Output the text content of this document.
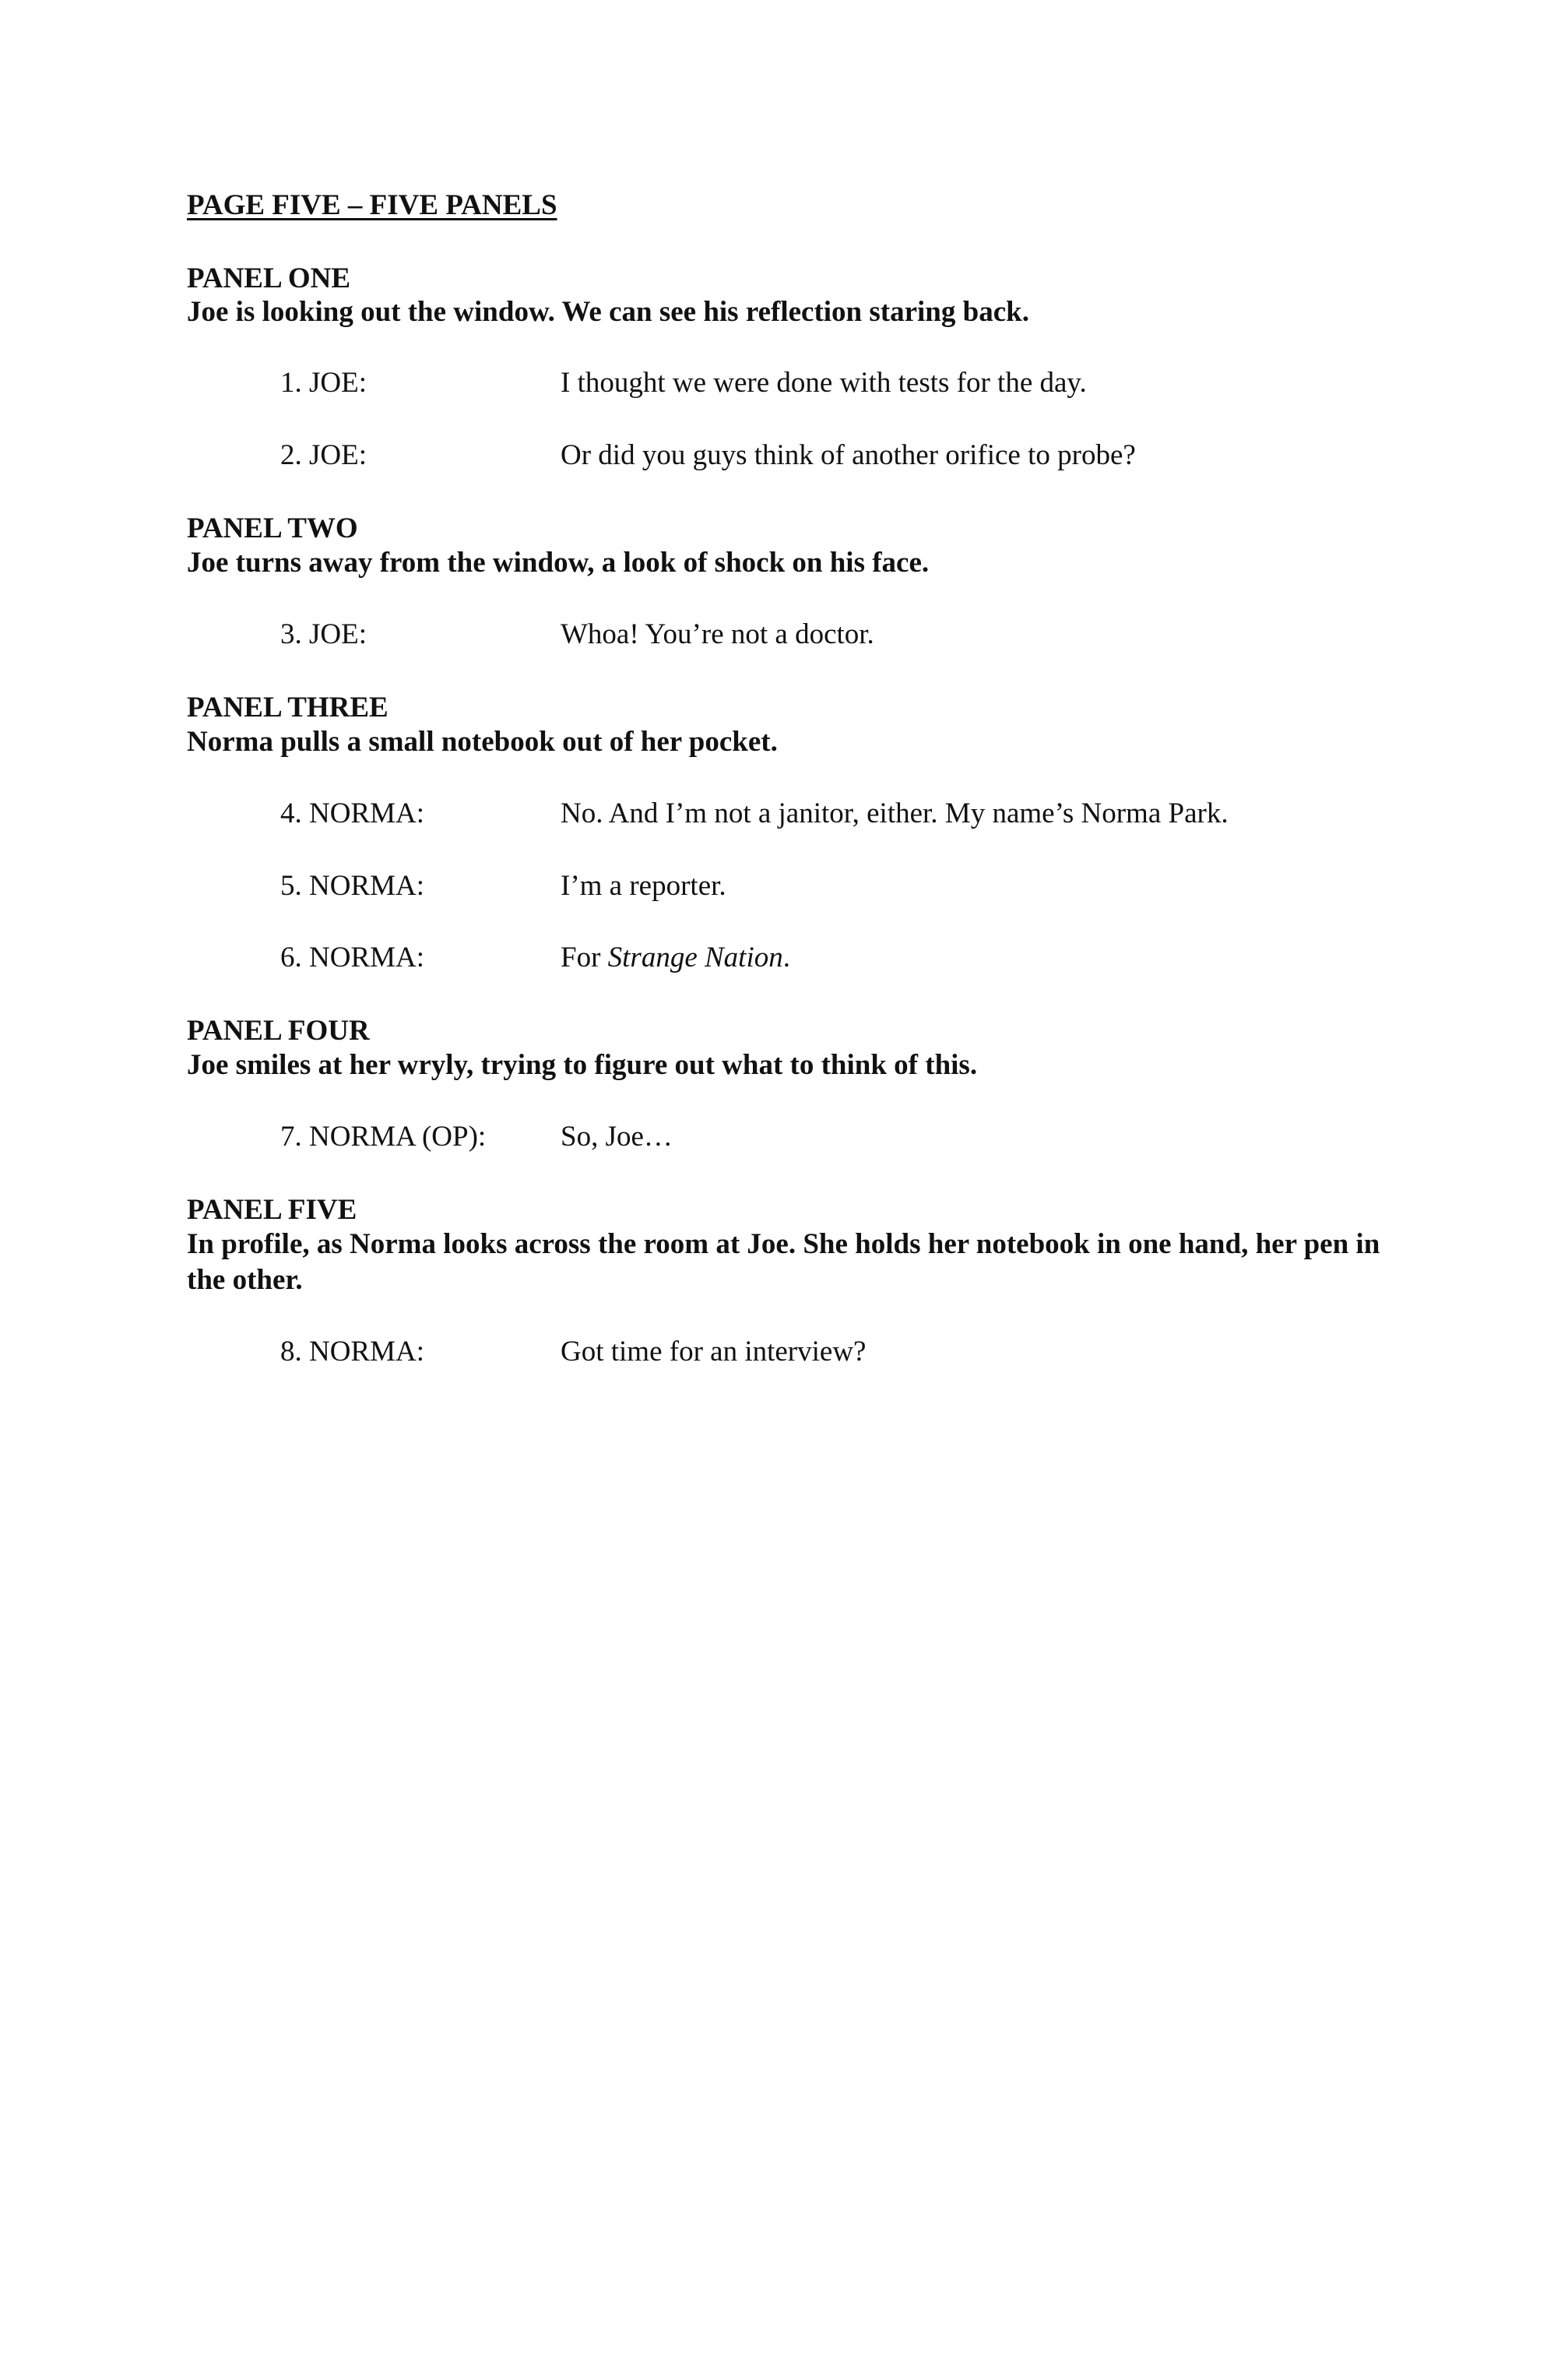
PAGE FIVE – FIVE PANELS
PANEL ONE
Joe is looking out the window. We can see his reflection staring back.
1. JOE:	I thought we were done with tests for the day.
2. JOE:	Or did you guys think of another orifice to probe?
PANEL TWO
Joe turns away from the window, a look of shock on his face.
3. JOE:	Whoa! You’re not a doctor.
PANEL THREE
Norma pulls a small notebook out of her pocket.
4. NORMA:	No. And I’m not a janitor, either. My name’s Norma Park.
5. NORMA:	I’m a reporter.
6. NORMA:	For Strange Nation.
PANEL FOUR
Joe smiles at her wryly, trying to figure out what to think of this.
7. NORMA (OP):	So, Joe…
PANEL FIVE
In profile, as Norma looks across the room at Joe. She holds her notebook in one hand, her pen in the other.
8. NORMA:	Got time for an interview?
